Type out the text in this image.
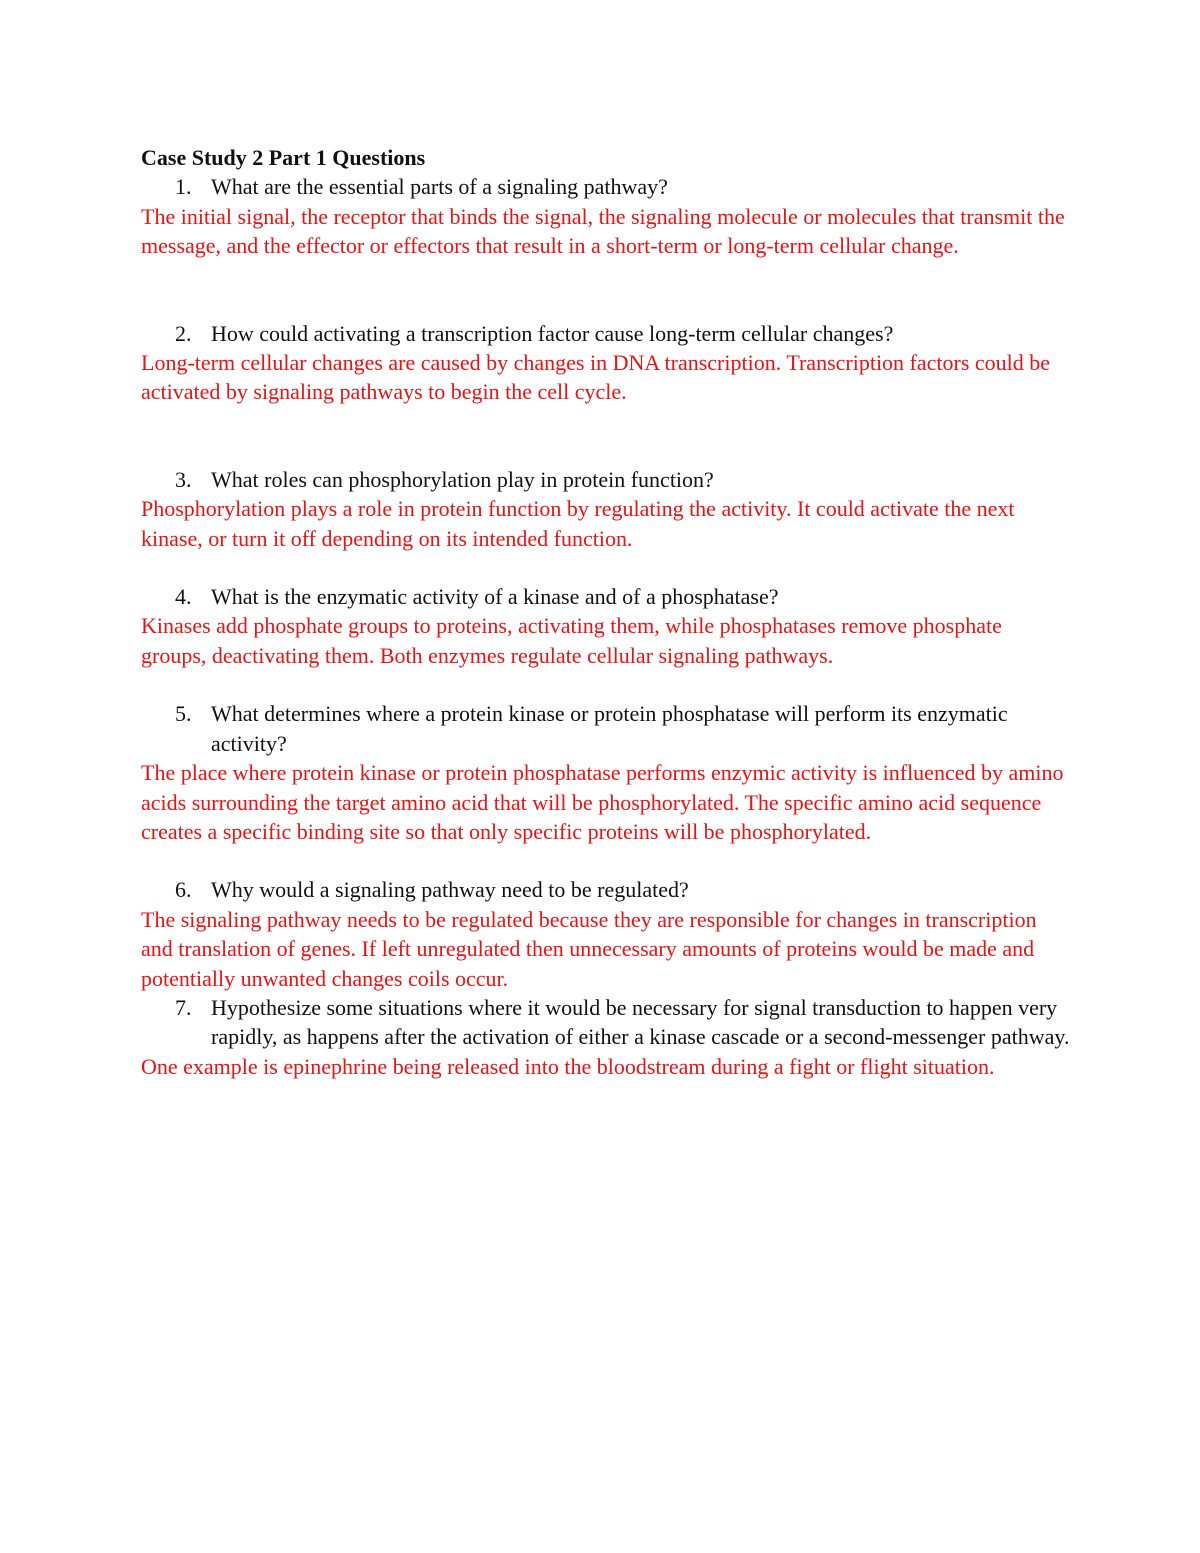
Case Study 2 Part 1 Questions

1. What are the essential parts of a signaling pathway?

The initial signal, the receptor that binds the signal, the signaling molecule or molecules that transmit the message, and the effector or effectors that result in a short-term or long-term cellular change.

2. How could activating a transcription factor cause long-term cellular changes?

Long-term cellular changes are caused by changes in DNA transcription. Transcription factors could be activated by signaling pathways to begin the cell cycle.

3. What roles can phosphorylation play in protein function?

Phosphorylation plays a role in protein function by regulating the activity. It could activate the next kinase, or turn it off depending on its intended function.

4. What is the enzymatic activity of a kinase and of a phosphatase?

Kinases add phosphate groups to proteins, activating them, while phosphatases remove phosphate groups, deactivating them. Both enzymes regulate cellular signaling pathways.

5. What determines where a protein kinase or protein phosphatase will perform its enzymatic activity?

The place where protein kinase or protein phosphatase performs enzymic activity is influenced by amino acids surrounding the target amino acid that will be phosphorylated. The specific amino acid sequence creates a specific binding site so that only specific proteins will be phosphorylated.

6. Why would a signaling pathway need to be regulated?

The signaling pathway needs to be regulated because they are responsible for changes in transcription and translation of genes. If left unregulated then unnecessary amounts of proteins would be made and potentially unwanted changes coils occur.

7. Hypothesize some situations where it would be necessary for signal transduction to happen very rapidly, as happens after the activation of either a kinase cascade or a second-messenger pathway.

One example is epinephrine being released into the bloodstream during a fight or flight situation.
